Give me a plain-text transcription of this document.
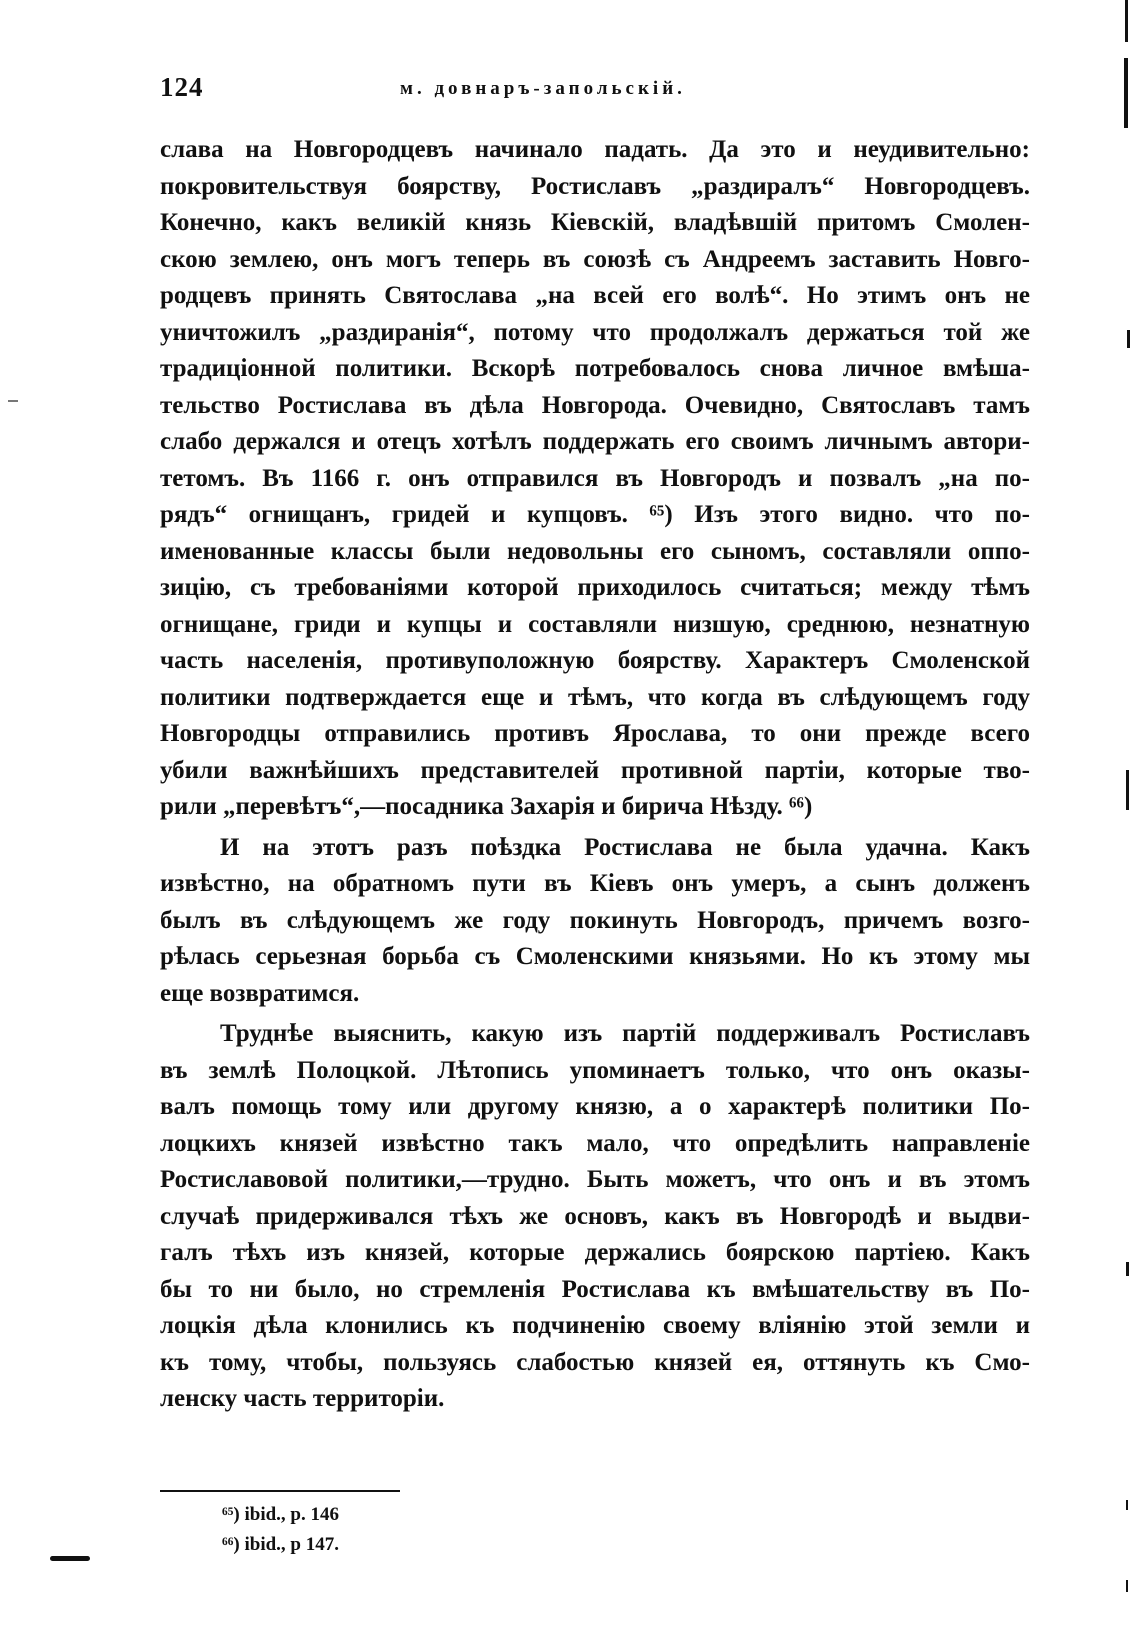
124	м. довнаръ-запольскій.
слава на Новгородцевъ начинало падать. Да это и неудивительно:
покровительствуя боярству, Ростиславъ „раздиралъ“ Новгородцевъ.
Конечно, какъ великій князь Кіевскій, владѣвшій притомъ Смолен-
скою землею, онъ могъ теперь въ союзѣ съ Андреемъ заставить Новго-
родцевъ принять Святослава „на всей его волѣ“. Но этимъ онъ не
уничтожилъ „раздиранія“, потому что продолжалъ держаться той же
традиціонной политики. Вскорѣ потребовалось снова личное вмѣша-
тельство Ростислава въ дѣла Новгорода. Очевидно, Святославъ тамъ
слабо держался и отецъ хотѣлъ поддержать его своимъ личнымъ автори-
тетомъ. Въ 1166 г. онъ отправился въ Новгородъ и позвалъ „на по-
рядъ“ огнищанъ, гридей и купцовъ. ⁶⁵) Изъ этого видно. что по-
именованные классы были недовольны его сыномъ, составляли оппо-
зицію, съ требованіями которой приходилось считаться; между тѣмъ
огнищане, гриди и купцы и составляли низшую, среднюю, незнатную
часть населенія, противуположную боярству. Характеръ Смоленской
политики подтверждается еще и тѣмъ, что когда въ слѣдующемъ году
Новгородцы отправились противъ Ярослава, то они прежде всего
убили важнѣйшихъ представителей противной партіи, которые тво-
рили „перевѣтъ“,—посадника Захарія и бирича Нѣзду. ⁶⁶)
И на этотъ разъ поѣздка Ростислава не была удачна. Какъ
извѣстно, на обратномъ пути въ Кіевъ онъ умеръ, а сынъ долженъ
былъ въ слѣдующемъ же году покинуть Новгородъ, причемъ возго-
рѣлась серьезная борьба съ Смоленскими князьями. Но къ этому мы
еще возвратимся.
Труднѣе выяснить, какую изъ партій поддерживалъ Ростиславъ
въ землѣ Полоцкой. Лѣтопись упоминаетъ только, что онъ оказы-
валъ помощь тому или другому князю, а о характерѣ политики По-
лоцкихъ князей извѣстно такъ мало, что опредѣлить направленіе
Ростиславовой политики,—трудно. Быть можетъ, что онъ и въ этомъ
случаѣ придерживался тѣхъ же основъ, какъ въ Новгородѣ и выдви-
галъ тѣхъ изъ князей, которые держались боярскою партіею. Какъ
бы то ни было, но стремленія Ростислава къ вмѣшательству въ По-
лоцкія дѣла клонились къ подчиненію своему вліянію этой земли и
къ тому, чтобы, пользуясь слабостью князей ея, оттянуть къ Смо-
ленску часть территоріи.
⁶⁵) ibid., p. 146
⁶⁶) ibid., p 147.
